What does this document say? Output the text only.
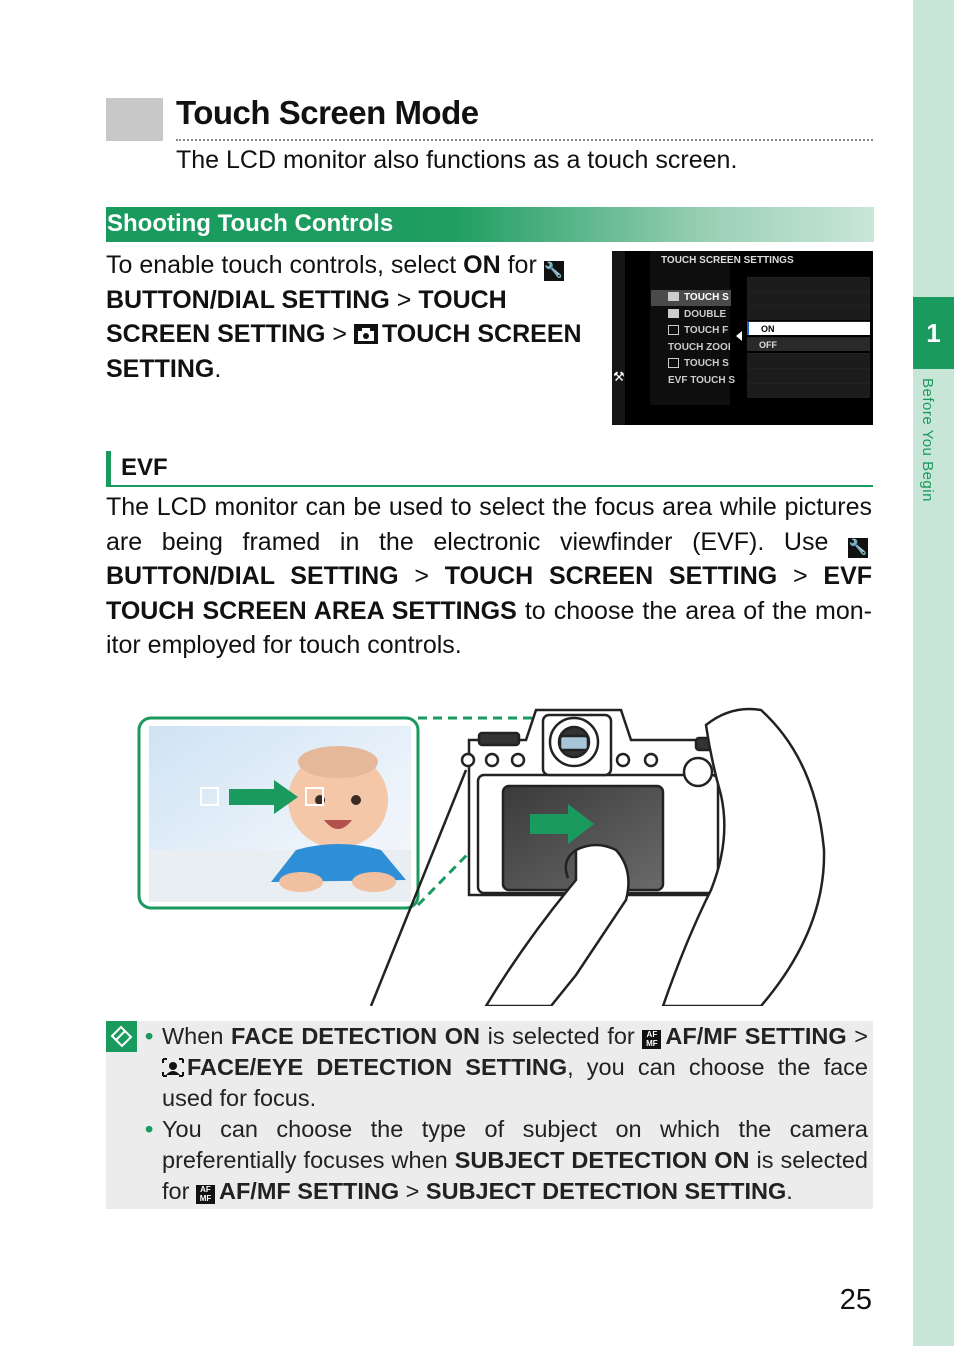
1
Before You Begin
Touch Screen Mode
The LCD monitor also functions as a touch screen.
Shooting Touch Controls
To enable touch controls, select ON for 🔧BUTTON/DIAL SETTING > TOUCH SCREEN SETTING > TOUCH SCREEN SETTING.	⚒
TOUCH SCREEN SETTINGS
TOUCH S
DOUBLE
TOUCH F
TOUCH ZOOI
TOUCH S
EVF TOUCH S
ON
OFF
EVF
The LCD monitor can be used to select the focus area while pictures are being framed in the electronic viewfinder (EVF). Use 🔧BUTTON/DIAL SETTING > TOUCH SCREEN SETTING > EVF TOUCH SCREEN AREA SETTINGS to choose the area of the monitor employed for touch controls.
• When FACE DETECTION ON is selected for AF
MF AF/MF SETTING > FACE/EYE DETECTION SETTING, you can choose the face used for focus.
• You can choose the type of subject on which the camera preferentially focuses when SUBJECT DETECTION ON is selected for AF
MF AF/MF SETTING > SUBJECT DETECTION SETTING.
25
